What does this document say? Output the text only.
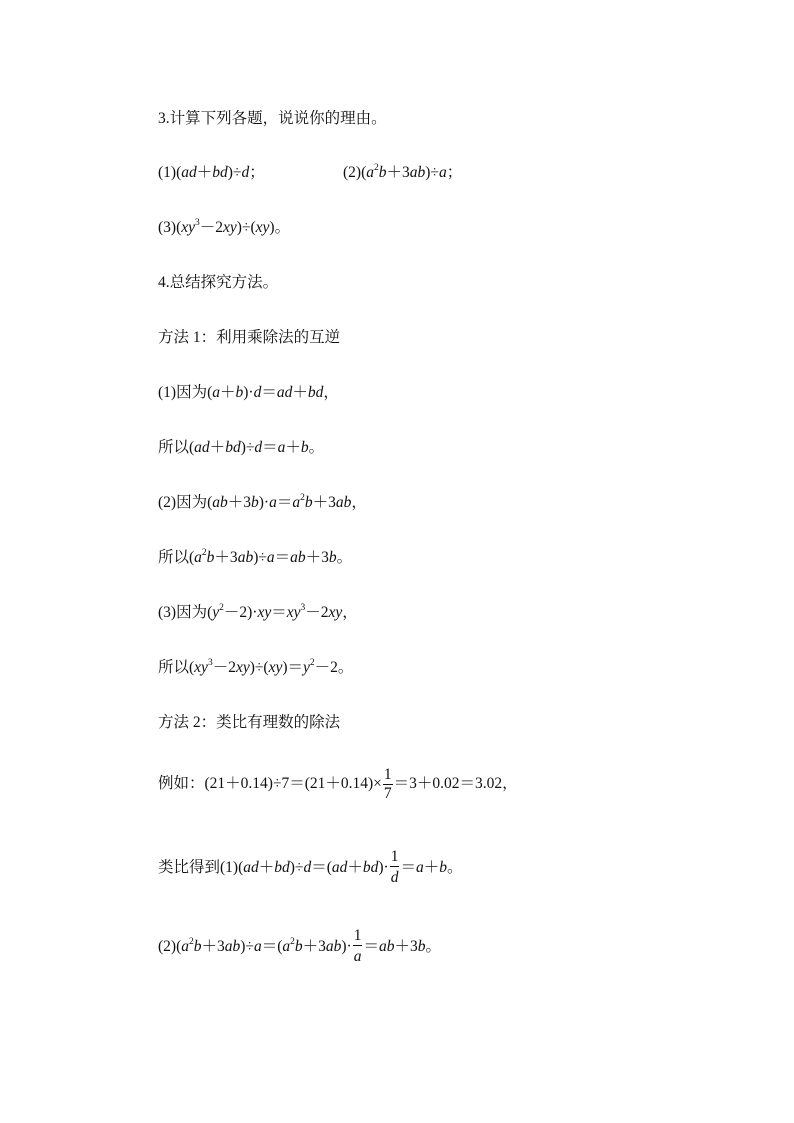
3.计算下列各题，说说你的理由。
(1)(ad＋bd)÷d；	$(2)(a^2b+3ab)\div a$；
$(3)(xy^3-2xy)\div(xy)$。
4.总结探究方法。
方法 1：利用乘除法的互逆
(1)因为(a＋b)·d＝ad＋bd，
所以(ad＋bd)÷d＝a＋b。
(2)因为$(ab+3b)\cdot a=a^2b+3ab$，
所以$(a^2b+3ab)\div a=ab+3b$。
(3)因为$(y^2-2)\cdot xy=xy^3-2xy$，
所以$(xy^3-2xy)\div(xy)=y^2-2$。
方法 2：类比有理数的除法
例如：$(21+0.14)\div 7=(21+0.14)\times \frac{1}{7} =3+0.02=3.02$，
类比得到$(1)(ad+bd)\div d=(ad+bd)\cdot \frac{1}{d}=a+b$。
$(2)(a^2b+3ab)\div a=(a^2b+3ab)\cdot \frac{1}{a}=ab+3b$。
